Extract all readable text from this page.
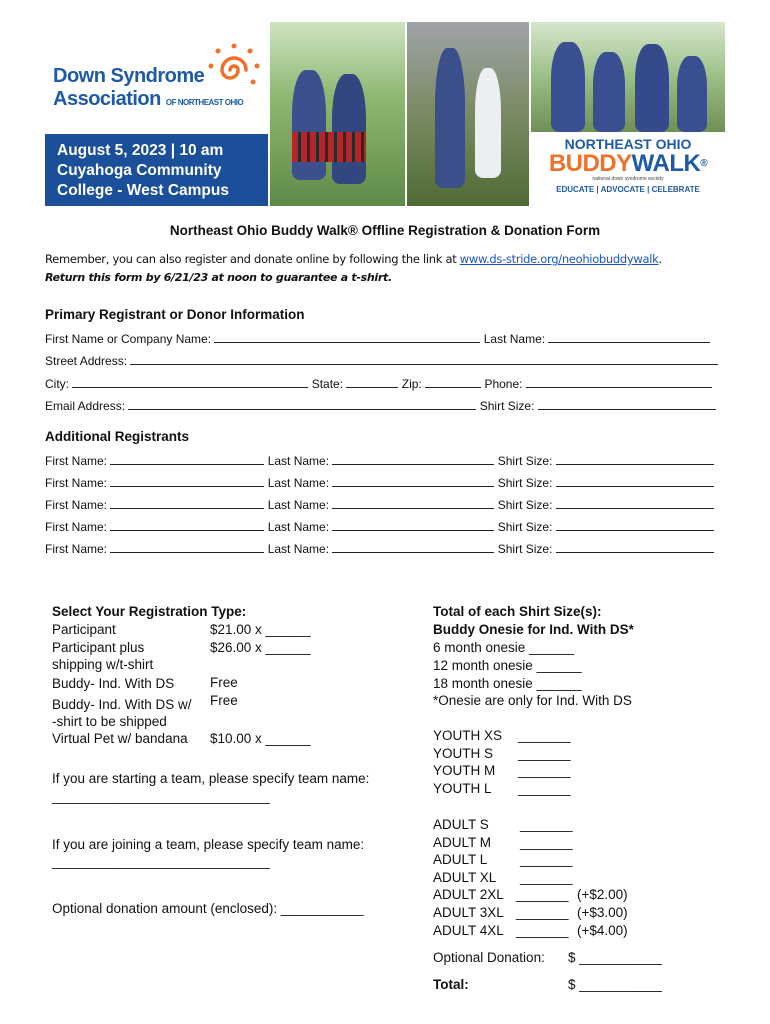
Down Syndrome
Association OF NORTHEAST OHIO
August 5, 2023 | 10 am
Cuyahoga Community
College - West Campus
NORTHEAST OHIO
BUDDYWALK®
national down syndrome society
EDUCATE | ADVOCATE | CELEBRATE
Northeast Ohio Buddy Walk® Offline Registration & Donation Form
Remember, you can also register and donate online by following the link at www.ds-stride.org/neohiobuddywalk.
Return this form by 6/21/23 at noon to guarantee a t-shirt.
Primary Registrant or Donor Information
First Name or Company Name:	Last Name:
Street Address:
City:	State:	Zip:	Phone:
Email Address:	Shirt Size:
Additional Registrants
First Name:	Last Name:	Shirt Size:
First Name:	Last Name:	Shirt Size:
First Name:	Last Name:	Shirt Size:
First Name:	Last Name:	Shirt Size:
First Name:	Last Name:	Shirt Size:
Select Your Registration Type:
Participant	$21.00 x ______
Participant plus
shipping w/t-shirt
$26.00 x ______
Buddy- Ind. With DS	Free
Buddy- Ind. With DS w/
-shirt to be shipped
Free
Virtual Pet w/ bandana $10.00 x ______
If you are starting a team, please specify team name:
_____________________________
If you are joining a team, please specify team name:
_____________________________
Optional donation amount (enclosed): ___________
Total of each Shirt Size(s):
Buddy Onesie for Ind. With DS*
6 month onesie ______
12 month onesie ______
18 month onesie ______
*Onesie are only for Ind. With DS
YOUTH XS _______
YOUTH S _______
YOUTH M _______
YOUTH L _______
ADULT S _______
ADULT M _______
ADULT L _______
ADULT XL _______
ADULT 2XL _______ (+$2.00)
ADULT 3XL _______ (+$3.00)
ADULT 4XL _______ (+$4.00)
Optional Donation: $ ___________
Total:	$ ___________
